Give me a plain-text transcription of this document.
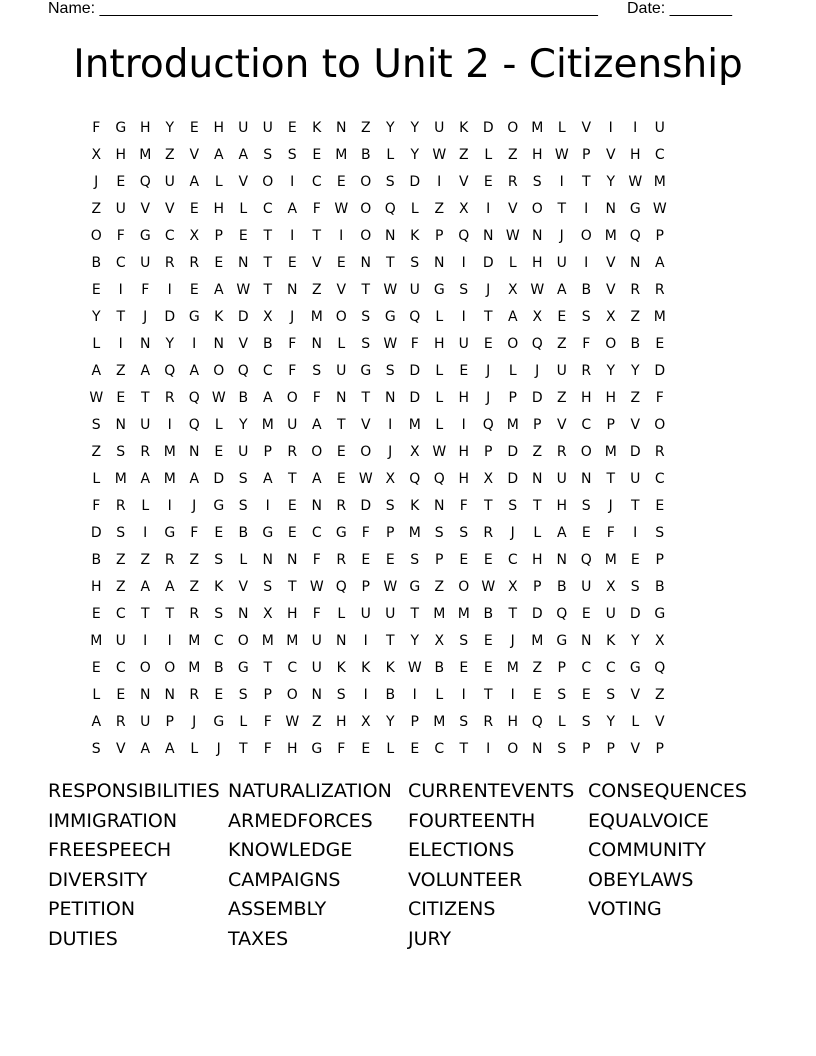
Name: ________________________________________________________ Date: _______
Introduction to Unit 2 - Citizenship
F	G H	Y	E	H	U	U	E	K	N	Z	Y	Y	U	K	D O M	L	V	I	I	U
X	H M Z	V	A	A	S	S	E	M B	L	Y W Z	L	Z	H W P	V	H	C
J	E	Q U	A	L	V	O	I	C	E	O	S	D	I	V	E	R	S	I	T	Y W M
Z	U	V	V	E	H	L	C	A	F W O Q	L	Z	X	I	V	O	T	I	N G W
O	F	G	C	X	P	E	T	I	T	I	O N	K	P	Q N W N	J	O M Q	P
B	C	U	R	R	E	N	T	E	V	E	N	T	S	N	I	D	L	H	U	I	V	N	A
E	I	F	I	E	A W T	N	Z	V	T W U G	S	J	X W A	B	V	R	R
Y	T	J	D G	K	D	X	J	M O	S	G Q	L	I	T	A	X	E	S	X	Z M
L	I	N	Y	I	N	V	B	F	N	L	S W F	H	U	E	O Q	Z	F	O	B	E
A	Z	A	Q	A	O Q	C	F	S	U G	S	D	L	E	J	L	J	U	R	Y	Y	D
W E	T	R	Q W B	A	O	F	N	T	N D	L	H	J	P	D	Z	H H	Z	F
S	N	U	I	Q	L	Y	M U	A	T	V	I	M	L	I	Q M	P	V	C	P	V	O
Z	S	R M N	E	U	P	R	O	E	O	J	X W H	P	D	Z	R	O M D	R
L	M A M A	D	S	A	T	A	E W X	Q Q H	X	D N	U	N	T	U	C
F	R	L	I	J	G	S	I	E	N	R	D	S	K	N	F	T	S	T	H	S	J	T	E
D	S	I	G	F	E	B	G	E	C	G	F	P	M	S	S	R	J	L	A	E	F	I	S
B	Z	Z	R	Z	S	L	N	N	F	R	E	E	S	P	E	E	C	H N Q M	E	P
H	Z	A	A	Z	K	V	S	T W Q	P W G	Z	O W X	P	B	U	X	S	B
E	C	T	T	R	S	N	X	H	F	L	U	U	T	M M B	T	D Q	E	U D G
M U	I	I	M C	O M M U	N	I	T	Y	X	S	E	J	M G N	K	Y	X
E	C	O O M B	G	T	C	U	K	K	K W B	E	E	M Z	P	C	C	G Q
L	E	N	N	R	E	S	P	O N	S	I	B	I	L	I	T	I	E	S	E	S	V	Z
A	R	U	P	J	G	L	F W Z	H	X	Y	P	M	S	R	H Q	L	S	Y	L	V
S	V	A	A	L	J	T	F	H G	F	E	L	E	C	T	I	O N	S	P	P	V	P
RESPONSIBILITIES NATURALIZATION CURRENTEVENTS CONSEQUENCES
IMMIGRATION	ARMEDFORCES	FOURTEENTH	EQUALVOICE
FREESPEECH	KNOWLEDGE	ELECTIONS	COMMUNITY
DIVERSITY	CAMPAIGNS	VOLUNTEER	OBEYLAWS
PETITION	ASSEMBLY	CITIZENS	VOTING
DUTIES	TAXES	JURY
